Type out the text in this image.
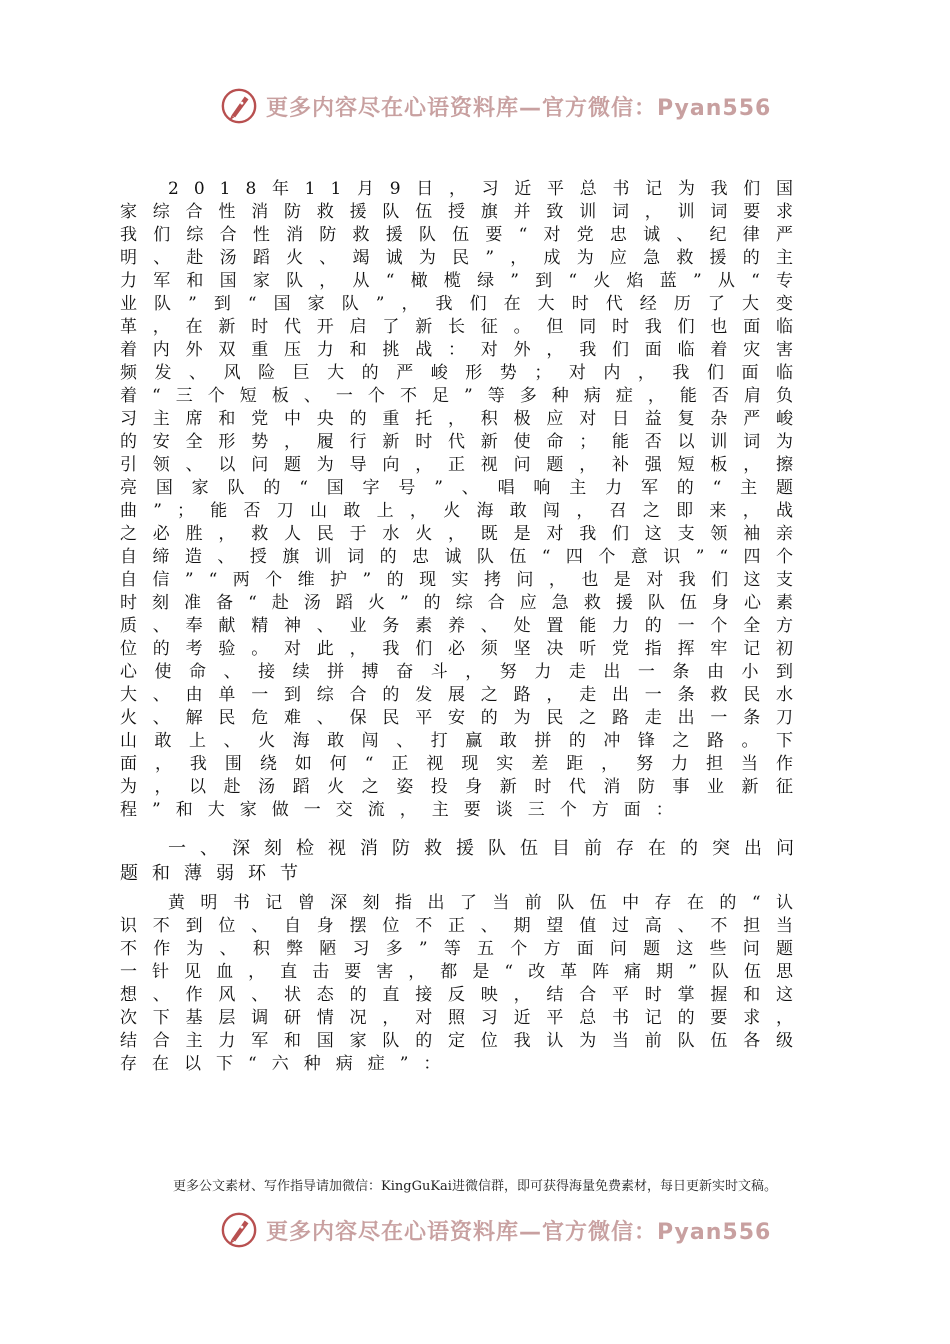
更多内容尽在心语资料库—官方微信：Pyan556

2018年11月9日，习近平总书记为我们国家综合性消防救援队伍授旗并致训词，训词要求我们综合性消防救援队伍要“对党忠诚、纪律严明、赴汤蹈火、竭诚为民”，成为应急救援的主力军和国家队，从“橄榄绿”到“火焰蓝”从“专业队”到“国家队”，我们在大时代经历了大变革，在新时代开启了新长征。但同时我们也面临着内外双重压力和挑战：对外，我们面临着灾害频发、风险巨大的严峻形势；对内，我们面临着“三个短板、一个不足”等多种病症，能否肩负习主席和党中央的重托，积极应对日益复杂严峻的安全形势，履行新时代新使命；能否以训词为引领、以问题为导向，正视问题，补强短板，擦亮国家队的“国字号”、唱响主力军的“主题曲”；能否刀山敢上，火海敢闯，召之即来，战之必胜，救人民于水火，既是对我们这支领袖亲自缔造、授旗训词的忠诚队伍“四个意识”“四个自信”“两个维护”的现实拷问，也是对我们这支时刻准备“赴汤蹈火”的综合应急救援队伍身心素质、奉献精神、业务素养、处置能力的一个全方位的考验。对此，我们必须坚决听党指挥牢记初心使命、接续拼搏奋斗，努力走出一条由小到大、由单一到综合的发展之路，走出一条救民水火、解民危难、保民平安的为民之路走出一条刀山敢上、火海敢闯、打赢敢拼的冲锋之路。下面，我围绕如何“正视现实差距，努力担当作为，以赴汤蹈火之姿投身新时代消防事业新征程”和大家做一交流，主要谈三个方面：

一、深刻检视消防救援队伍目前存在的突出问题和薄弱环节

黄明书记曾深刻指出了当前队伍中存在的“认识不到位、自身摆位不正、期望值过高、不担当不作为、积弊陋习多”等五个方面问题这些问题一针见血，直击要害，都是“改革阵痛期”队伍思想、作风、状态的直接反映，结合平时掌握和这次下基层调研情况，对照习近平总书记的要求，结合主力军和国家队的定位我认为当前队伍各级存在以下“六种病症”：

更多公文素材、写作指导请加微信：KingGuKai进微信群，即可获得海量免费素材，每日更新实时文稿。
更多内容尽在心语资料库—官方微信：Pyan556
